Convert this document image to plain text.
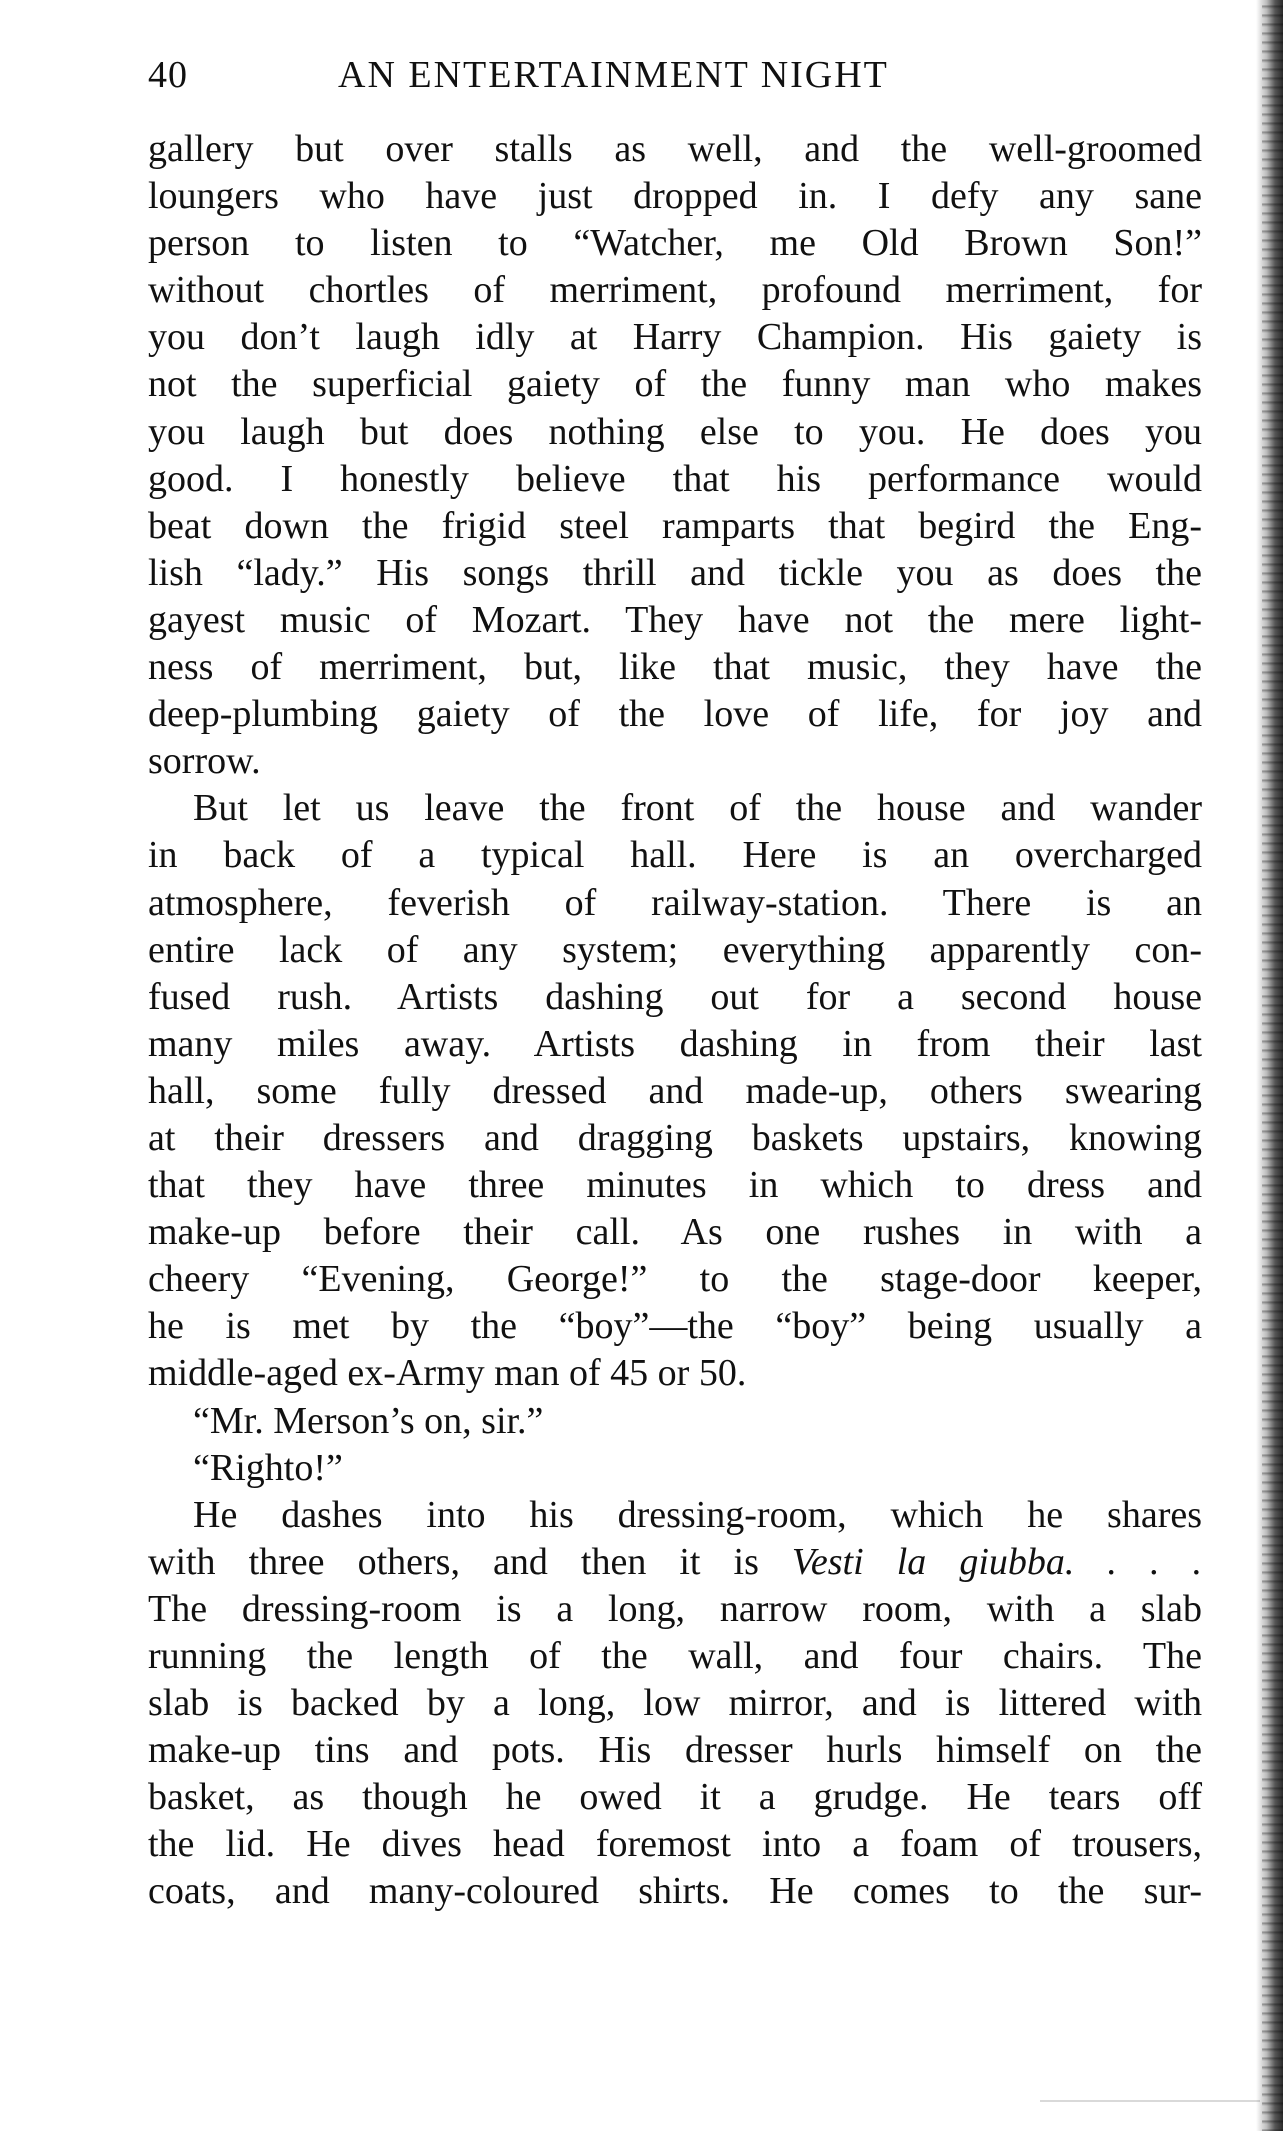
40	AN ENTERTAINMENT NIGHT
gallery but over stalls as well, and the well-groomed
loungers who have just dropped in. I defy any sane
person to listen to “Watcher, me Old Brown Son!”
without chortles of merriment, profound merriment, for
you don’t laugh idly at Harry Champion. His gaiety is
not the superficial gaiety of the funny man who makes
you laugh but does nothing else to you. He does you
good. I honestly believe that his performance would
beat down the frigid steel ramparts that begird the Eng-
lish “lady.” His songs thrill and tickle you as does the
gayest music of Mozart. They have not the mere light-
ness of merriment, but, like that music, they have the
deep-plumbing gaiety of the love of life, for joy and
sorrow.
But let us leave the front of the house and wander
in back of a typical hall. Here is an overcharged
atmosphere, feverish of railway-station. There is an
entire lack of any system; everything apparently con-
fused rush. Artists dashing out for a second house
many miles away. Artists dashing in from their last
hall, some fully dressed and made-up, others swearing
at their dressers and dragging baskets upstairs, knowing
that they have three minutes in which to dress and
make-up before their call. As one rushes in with a
cheery “Evening, George!” to the stage-door keeper,
he is met by the “boy”—the “boy” being usually a
middle-aged ex-Army man of 45 or 50.
“Mr. Merson’s on, sir.”
“Righto!”
He dashes into his dressing-room, which he shares
with three others, and then it is Vesti la giubba. . . .
The dressing-room is a long, narrow room, with a slab
running the length of the wall, and four chairs. The
slab is backed by a long, low mirror, and is littered with
make-up tins and pots. His dresser hurls himself on the
basket, as though he owed it a grudge. He tears off
the lid. He dives head foremost into a foam of trousers,
coats, and many-coloured shirts. He comes to the sur-
